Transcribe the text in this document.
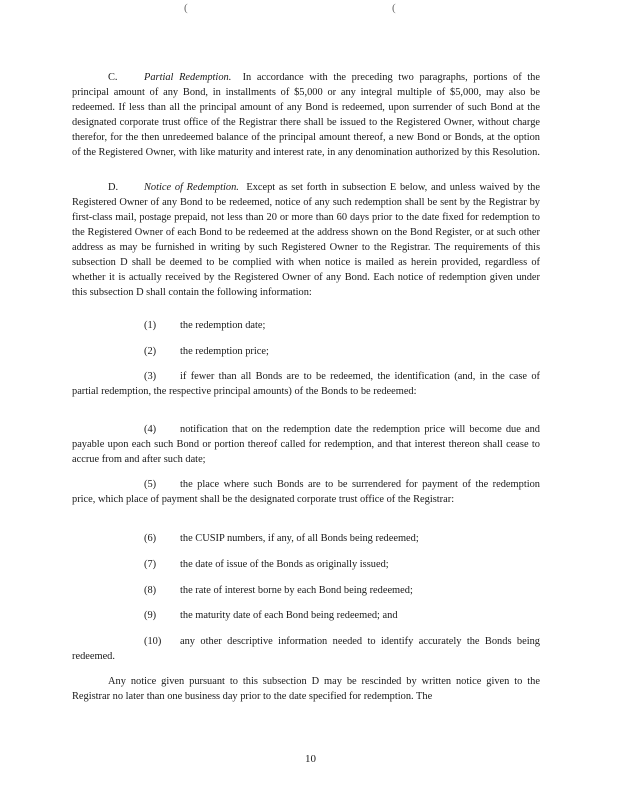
(	(

C.	Partial Redemption. In accordance with the preceding two paragraphs, portions of the principal amount of any Bond, in installments of $5,000 or any integral multiple of $5,000, may also be redeemed. If less than all the principal amount of any Bond is redeemed, upon surrender of such Bond at the designated corporate trust office of the Registrar there shall be issued to the Registered Owner, without charge therefor, for the then unredeemed balance of the principal amount thereof, a new Bond or Bonds, at the option of the Registered Owner, with like maturity and interest rate, in any denomination authorized by this Resolution.

D. Notice of Redemption. Except as set forth in subsection E below, and unless waived by the Registered Owner of any Bond to be redeemed, notice of any such redemption shall be sent by the Registrar by first-class mail, postage prepaid, not less than 20 or more than 60 days prior to the date fixed for redemption to the Registered Owner of each Bond to be redeemed at the address shown on the Bond Register, or at such other address as may be furnished in writing by such Registered Owner to the Registrar. The requirements of this subsection D shall be deemed to be complied with when notice is mailed as herein provided, regardless of whether it is actually received by the Registered Owner of any Bond. Each notice of redemption given under this subsection D shall contain the following information:

(1) the redemption date;

(2) the redemption price;

(3) if fewer than all Bonds are to be redeemed, the identification (and, in the case of partial redemption, the respective principal amounts) of the Bonds to be redeemed:

(4) notification that on the redemption date the redemption price will become due and payable upon each such Bond or portion thereof called for redemption, and that interest thereon shall cease to accrue from and after such date;

(5) the place where such Bonds are to be surrendered for payment of the redemption price, which place of payment shall be the designated corporate trust office of the Registrar:

(6) the CUSIP numbers, if any, of all Bonds being redeemed;

(7) the date of issue of the Bonds as originally issued;

(8) the rate of interest borne by each Bond being redeemed;

(9) the maturity date of each Bond being redeemed; and

(10) any other descriptive information needed to identify accurately the Bonds being redeemed.

Any notice given pursuant to this subsection D may be rescinded by written notice given to the Registrar no later than one business day prior to the date specified for redemption. The

10
